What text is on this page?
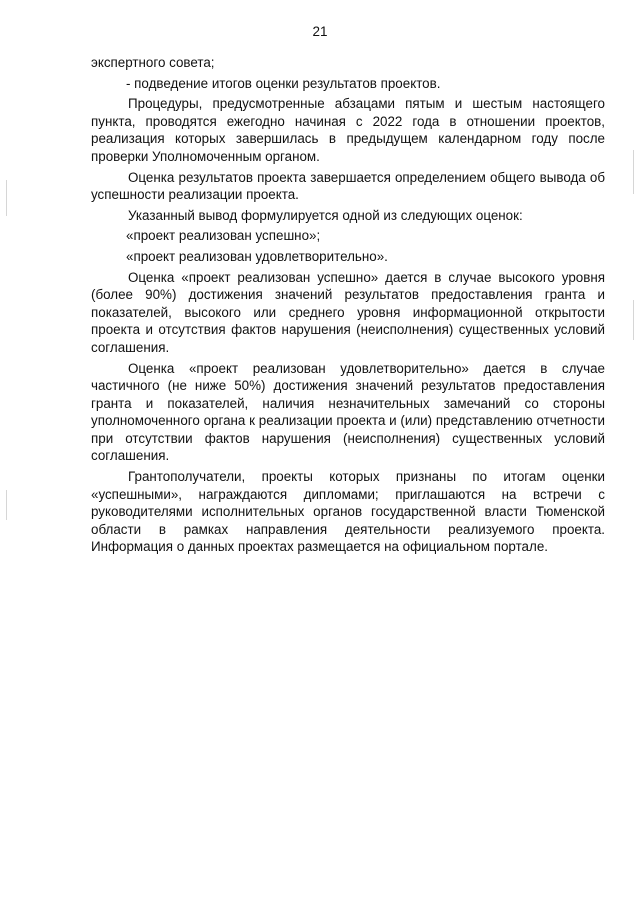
21

экспертного совета;

- подведение итогов оценки результатов проектов.

Процедуры, предусмотренные абзацами пятым и шестым настоящего пункта, проводятся ежегодно начиная с 2022 года в отношении проектов, реализация которых завершилась в предыдущем календарном году после проверки Уполномоченным органом.

Оценка результатов проекта завершается определением общего вывода об успешности реализации проекта.

Указанный вывод формулируется одной из следующих оценок:

«проект реализован успешно»;

«проект реализован удовлетворительно».

Оценка «проект реализован успешно» дается в случае высокого уровня (более 90%) достижения значений результатов предоставления гранта и показателей, высокого или среднего уровня информационной открытости проекта и отсутствия фактов нарушения (неисполнения) существенных условий соглашения.

Оценка «проект реализован удовлетворительно» дается в случае частичного (не ниже 50%) достижения значений результатов предоставления гранта и показателей, наличия незначительных замечаний со стороны уполномоченного органа к реализации проекта и (или) представлению отчетности при отсутствии фактов нарушения (неисполнения) существенных условий соглашения.

Грантополучатели, проекты которых признаны по итогам оценки «успешными», награждаются дипломами; приглашаются на встречи с руководителями исполнительных органов государственной власти Тюменской области в рамках направления деятельности реализуемого проекта. Информация о данных проектах размещается на официальном портале.
